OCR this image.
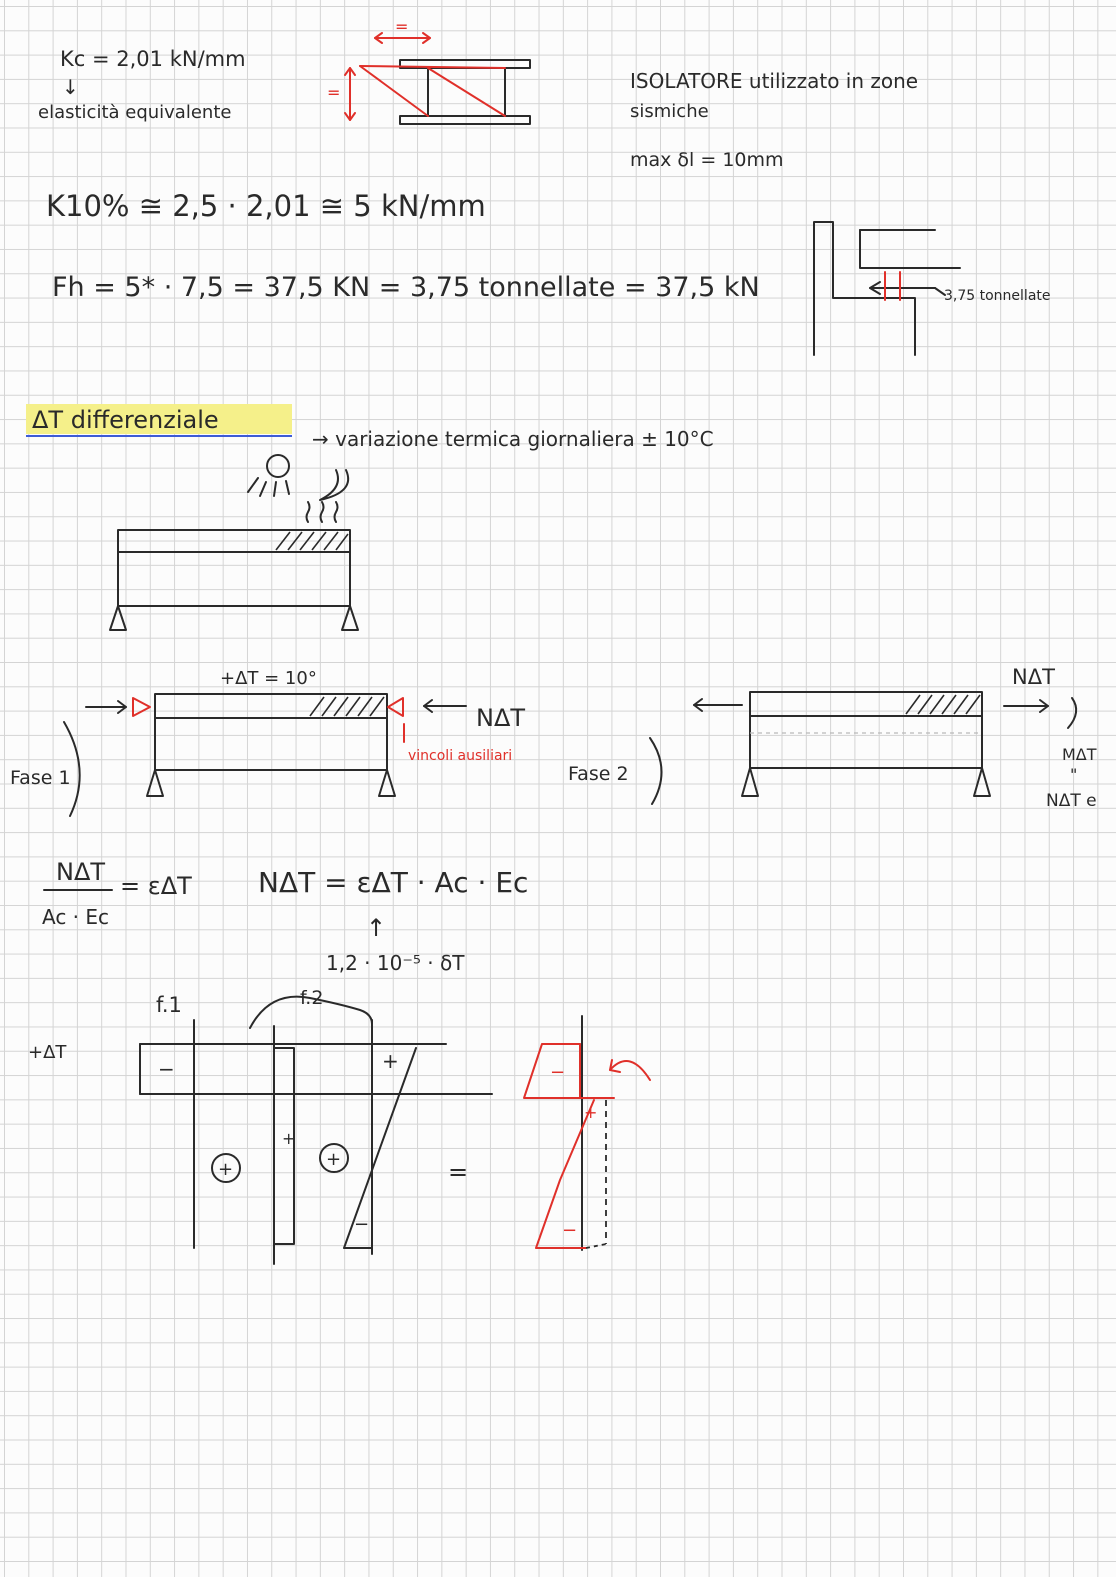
Kc = 2,01 kN/mm
↓
elasticità equivalente
=
=	ISOLATORE utilizzato in zone
sismiche
max δl = 10mm
K10% ≅ 2,5 · 2,01 ≅ 5 kN/mm
Fh = 5* · 7,5 = 37,5 KN = 3,75 tonnellate = 37,5 kN	3,75 tonnellate
ΔT differenziale
→ variazione termica giornaliera ± 10°C
+ΔT = 10°
NΔT
vincoli ausiliari
Fase 1	Fase 2
NΔT
MΔT
"
NΔT e
NΔT
Ac · Ec
= εΔT NΔT = εΔT · Ac · Ec
↑
1,2 · 10⁻⁵ · δT
f.1	f.2
+ΔT
−
+
+
−
+	+	=
−
+
−
